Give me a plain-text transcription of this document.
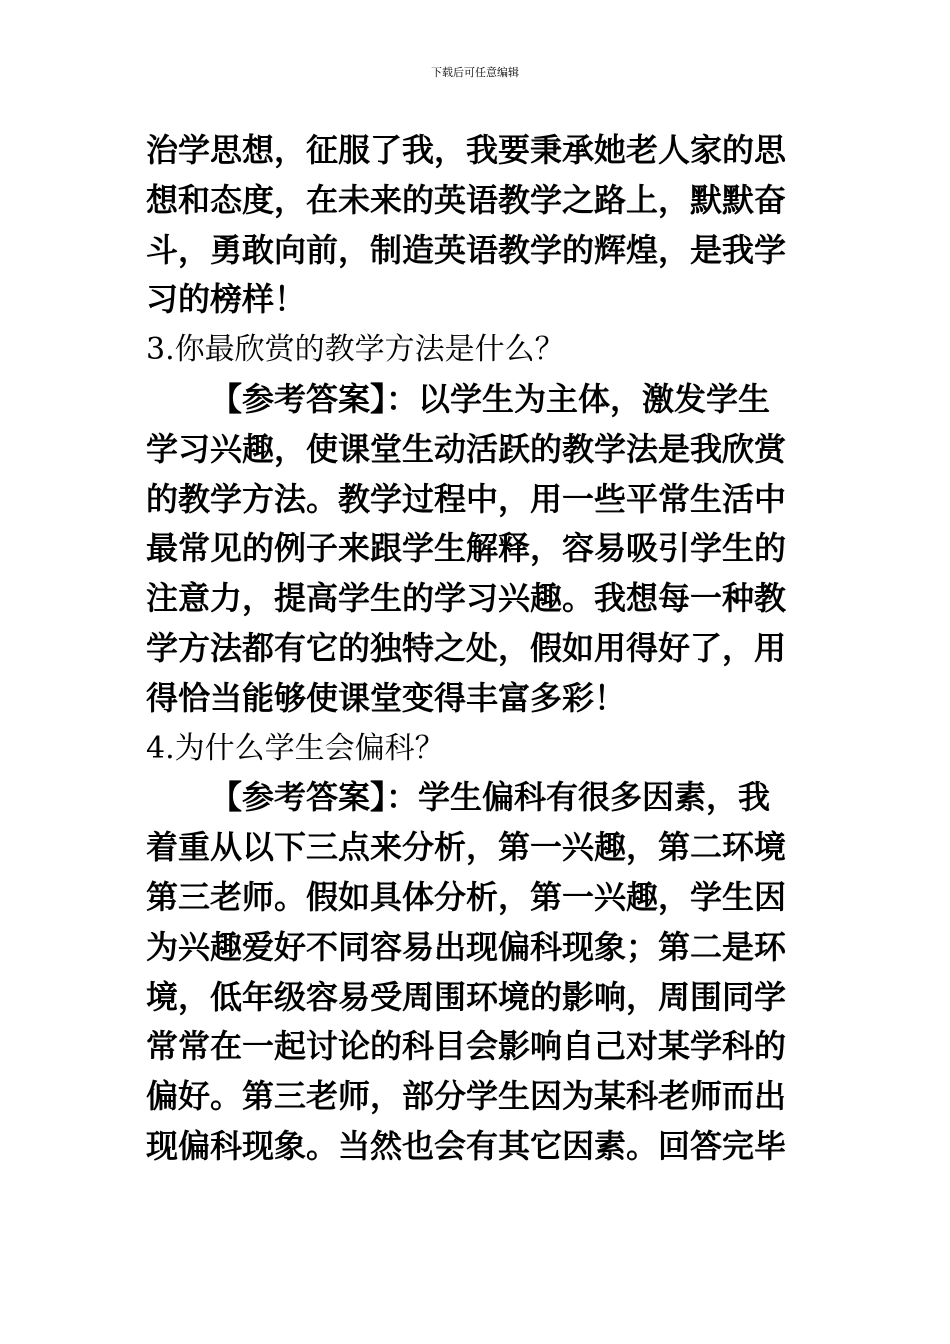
下载后可任意编辑
治学思想，征服了我，我要秉承她老人家的思
想和态度，在未来的英语教学之路上，默默奋
斗，勇敢向前，制造英语教学的辉煌，是我学
习的榜样！
3.你最欣赏的教学方法是什么？
【参考答案】：以学生为主体，激发学生
学习兴趣，使课堂生动活跃的教学法是我欣赏
的教学方法。教学过程中，用一些平常生活中
最常见的例子来跟学生解释，容易吸引学生的
注意力，提高学生的学习兴趣。我想每一种教
学方法都有它的独特之处，假如用得好了，用
得恰当能够使课堂变得丰富多彩！
4.为什么学生会偏科？
【参考答案】：学生偏科有很多因素，我
着重从以下三点来分析，第一兴趣，第二环境
第三老师。假如具体分析，第一兴趣，学生因
为兴趣爱好不同容易出现偏科现象；第二是环
境，低年级容易受周围环境的影响，周围同学
常常在一起讨论的科目会影响自己对某学科的
偏好。第三老师，部分学生因为某科老师而出
现偏科现象。当然也会有其它因素。回答完毕
